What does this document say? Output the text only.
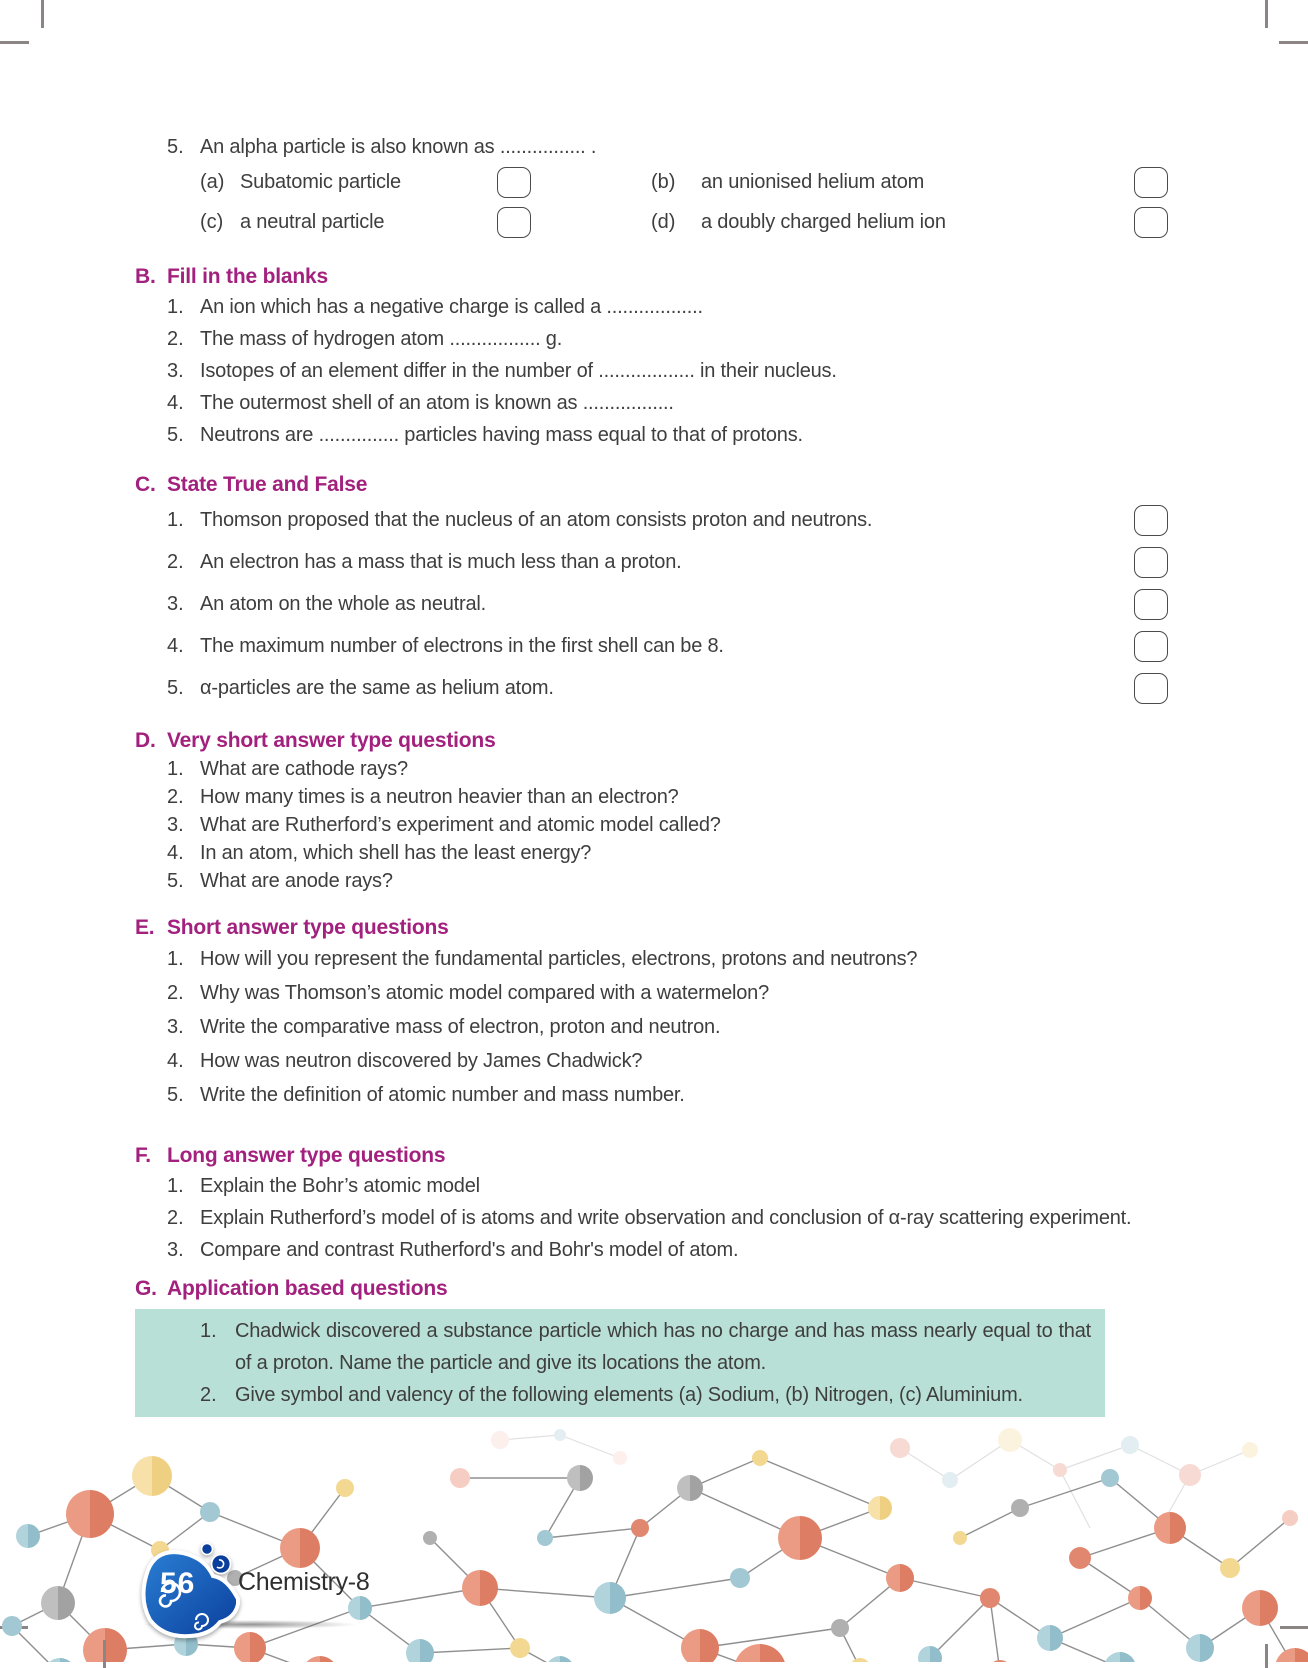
56 Chemistry-8
5. An alpha particle is also known as ................ .
(a) Subatomic particle	(b)	an unionised helium atom
(c) a neutral particle	(d)	a doubly charged helium ion
B. Fill in the blanks
1. An ion which has a negative charge is called a ..................
2. The mass of hydrogen atom ................. g.
3. Isotopes of an element differ in the number of .................. in their nucleus.
4. The outermost shell of an atom is known as .................
5. Neutrons are ............... particles having mass equal to that of protons.
C. State True and False
1. Thomson proposed that the nucleus of an atom consists proton and neutrons.
2. An electron has a mass that is much less than a proton.
3. An atom on the whole as neutral.
4. The maximum number of electrons in the first shell can be 8.
5. α-particles are the same as helium atom.
D. Very short answer type questions
1. What are cathode rays?
2. How many times is a neutron heavier than an electron?
3. What are Rutherford’s experiment and atomic model called?
4. In an atom, which shell has the least energy?
5. What are anode rays?
E. Short answer type questions
1. How will you represent the fundamental particles, electrons, protons and neutrons?
2. Why was Thomson’s atomic model compared with a watermelon?
3. Write the comparative mass of electron, proton and neutron.
4. How was neutron discovered by James Chadwick?
5. Write the definition of atomic number and mass number.
F. Long answer type questions
1. Explain the Bohr’s atomic model
2. Explain Rutherford’s model of is atoms and write observation and conclusion of α-ray scattering experiment.
3. Compare and contrast Rutherford's and Bohr's model of atom.
G. Application based questions
1. Chadwick discovered a substance particle which has no charge and has mass nearly equal to that of a proton. Name the particle and give its locations the atom.
2. Give symbol and valency of the following elements (a) Sodium, (b) Nitrogen, (c) Aluminium.
